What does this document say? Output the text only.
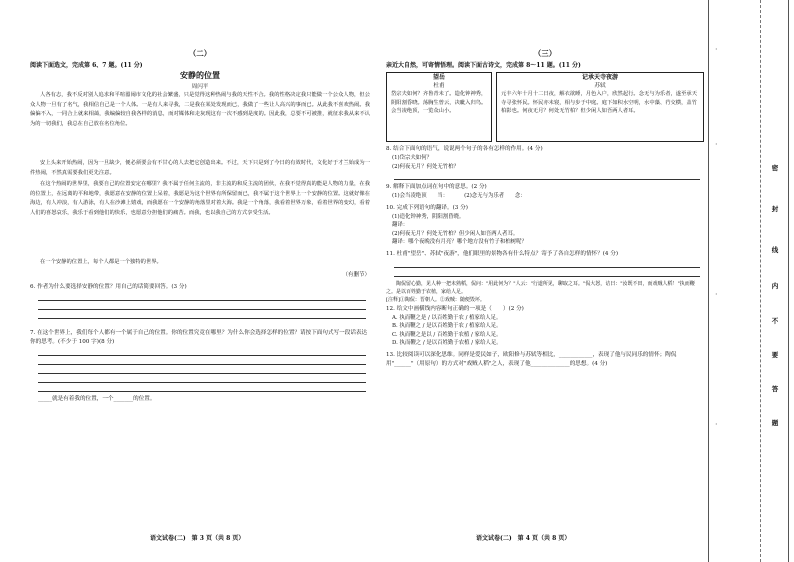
（二）
阅读下面选文，完成第 6、7 题。(11 分)
安静的位置
周闪平
人各有志，我不反对别人追求和平喧嚣闹市文化的社会繁盛，只是觉得这种热闹与我的天性不合。我的性格决定我只能做一个公众人物，但公众人物一旦有了名气，我相信自己是一个人体。一是有人来寻我，二是我在某处发现而已，我做了一些让人高兴的事而已。从此我不喜欢热闹。我偏偏不入，一同合上就来相蔼，我编偏较自我各样的消息，而对媒体和走灰现这有一次不感到是度的。因此我，总要不可被推，就征求我从来不认为的一切我们，我总在自己放在名位角位。
安上头来开始热闹，因为一旦缺少，便必须要会有不甘心的人去把它创造出来。不过，天下只是到了今日的有效时代，文化好于才兰始成为一件热闹，不然真需要我们更先注意。
在这个热闹的世界里，我要自己的位置安定在哪里？我不属于任何主流的，非主流的和反主流的团伙，在我不觉得真的能是人物的力量，在我的位置上，在远离的平和地带，我愿意在安静的位置上呆着，我愿是为这个世界有所保留而已，我不属于这个世界上一个安静的位置。这就好像在海边，有人冲浪，有人游泳，有人在沙滩上嬉戏，而我愿在一个安静的角落里对着大海。我是一个角落，我看着世界万象，看着世界的变幻，看着人们的喜怒哀乐，我乐于看到他们的快乐，也愿意分担他们的痛苦。而我，也以我自己的方式享受生活。
在一个安静的位置上，每个人都是一个独特的世界。
（有删节）
6. 作者为什么要选择安静的位置？用自己的话简要回答。(3 分)
7. 在这个世界上，我们每个人都有一个属于自己的位置。你的位置究竟在哪里？为什么你会选择怎样的位置？请按下面句式写一段话表达你的思考。(不少于 100 字)(8 分)
_____就是有着我的位置，一个_______的位置。
语文试卷(二)　第 3 页（共 8 页）
（三）
亲近大自然，可寄情悟理。阅读下面古诗文，完成第 8～11 题。(11 分)
望岳
杜甫
岱宗夫如何？齐鲁青未了。造化钟神秀，阴阳割昏晓。荡胸生曾云，决眦入归鸟。会当凌绝顶，一览众山小。
记承天寺夜游
苏轼
元丰六年十月十二日夜，解衣欲睡，月色入户，欣然起行。念无与为乐者，遂至承天寺寻张怀民。怀民亦未寝，相与步于中庭。庭下如积水空明，水中藻、荇交横，盖竹柏影也。何夜无月？何处无竹柏？但少闲人如吾两人者耳。
8. 结合下面句的语气，说说两个句子的各有怎样的作用。(4 分)
(1)岱宗夫如何？
(2)何夜无月？何处无竹柏？
9. 解释下面加点词在句中的意思。(2 分)
(1)会当凌绝顶　　当：	(2)念无与为乐者　　念：
10. 完成下列语句的翻译。(3 分)
(1)造化钟神秀，阴阳割昏晓。
翻译：
(2)何夜无月？何处无竹柏？但少闲人如吾两人者耳。
翻译：哪个夜晚没有月亮？哪个地方没有竹子和柏树呢？
11. 杜甫"望岳"、苏轼"夜游"，他们眼里的景物各有什么特点？寄予了各自怎样的情怀？(4 分)
陶侃留心勤，见人种一把未熟稻，侃问："用此何为？"人云："行道所见，聊取之耳。"侃大怒，诘曰："汝既不田，而戏贼人稻！"执而鞭之。是以百姓勤于农植，家给人足。
[注释]①陶侃：晋朝人。②戏贼：随便毁坏。
12. 给文中画横线内容断句正确的一项是（　　）(2 分)
A. 执而鞭之是 / 以百姓勤于农 / 植家给人足。
B. 执而鞭之 / 是以百姓勤于农 / 植家给人足。
C. 执而鞭之是以 / 百姓勤于农植 / 家给人足。
D. 执而鞭之 / 是以百姓勤于农植 / 家给人足。
13. 比较阅读可以深化思维。同样是爱民如子，欧阳修与苏轼等相比，____________，表现了他与民同乐的情怀；陶侃用"______"（用原句）的方式对"戏贼人稻"之人，表现了他______________的思想。(4 分)
语文试卷(二)　第 4 页（共 8 页）
·
·
·
·
密
封
线
内
不
要
答
题
